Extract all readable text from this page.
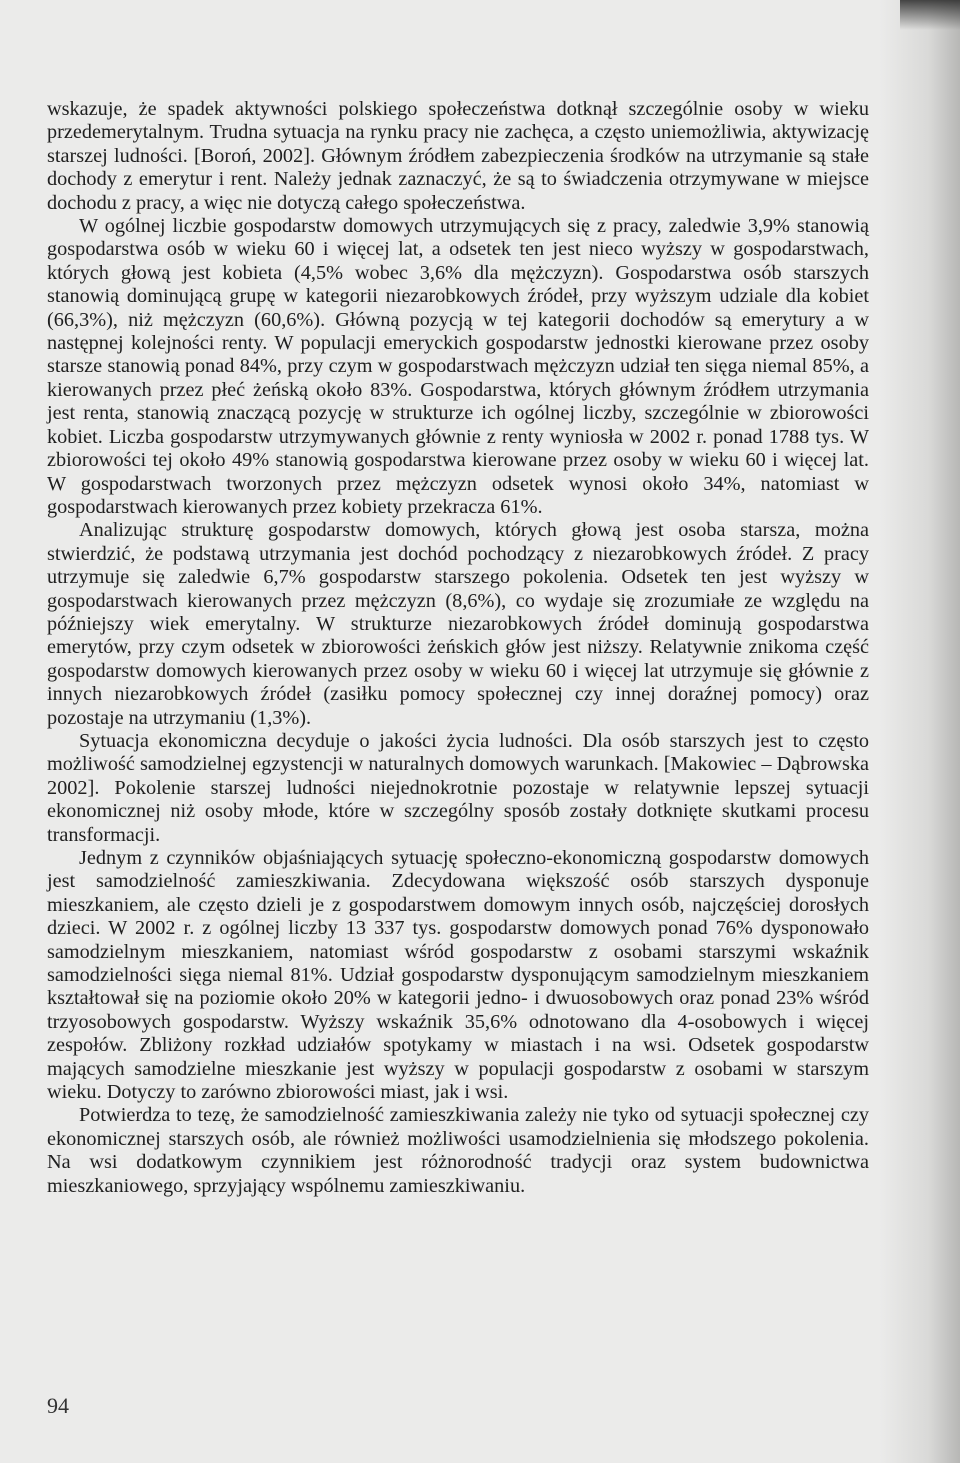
wskazuje, że spadek aktywności polskiego społeczeństwa dotknął szczególnie osoby w wieku przedemerytalnym. Trudna sytuacja na rynku pracy nie zachęca, a często uniemożliwia, aktywizację starszej ludności. [Boroń, 2002]. Głównym źródłem zabezpieczenia środków na utrzymanie są stałe dochody z emerytur i rent. Należy jednak zaznaczyć, że są to świadczenia otrzymywane w miejsce dochodu z pracy, a więc nie dotyczą całego społeczeństwa.

W ogólnej liczbie gospodarstw domowych utrzymujących się z pracy, zaledwie 3,9% stanowią gospodarstwa osób w wieku 60 i więcej lat, a odsetek ten jest nieco wyższy w gospodarstwach, których głową jest kobieta (4,5% wobec 3,6% dla mężczyzn). Gospodarstwa osób starszych stanowią dominującą grupę w kategorii niezarobkowych źródeł, przy wyższym udziale dla kobiet (66,3%), niż mężczyzn (60,6%). Główną pozycją w tej kategorii dochodów są emerytury a w następnej kolejności renty. W populacji emeryckich gospodarstw jednostki kierowane przez osoby starsze stanowią ponad 84%, przy czym w gospodarstwach mężczyzn udział ten sięga niemal 85%, a kierowanych przez płeć żeńską około 83%. Gospodarstwa, których głównym źródłem utrzymania jest renta, stanowią znaczącą pozycję w strukturze ich ogólnej liczby, szczególnie w zbiorowości kobiet. Liczba gospodarstw utrzymywanych głównie z renty wyniosła w 2002 r. ponad 1788 tys. W zbiorowości tej około 49% stanowią gospodarstwa kierowane przez osoby w wieku 60 i więcej lat. W gospodarstwach tworzonych przez mężczyzn odsetek wynosi około 34%, natomiast w gospodarstwach kierowanych przez kobiety przekracza 61%.

Analizując strukturę gospodarstw domowych, których głową jest osoba starsza, można stwierdzić, że podstawą utrzymania jest dochód pochodzący z niezarobkowych źródeł. Z pracy utrzymuje się zaledwie 6,7% gospodarstw starszego pokolenia. Odsetek ten jest wyższy w gospodarstwach kierowanych przez mężczyzn (8,6%), co wydaje się zrozumiałe ze względu na późniejszy wiek emerytalny. W strukturze niezarobkowych źródeł dominują gospodarstwa emerytów, przy czym odsetek w zbiorowości żeńskich głów jest niższy. Relatywnie znikoma część gospodarstw domowych kierowanych przez osoby w wieku 60 i więcej lat utrzymuje się głównie z innych niezarobkowych źródeł (zasiłku pomocy społecznej czy innej doraźnej pomocy) oraz pozostaje na utrzymaniu (1,3%).

Sytuacja ekonomiczna decyduje o jakości życia ludności. Dla osób starszych jest to często możliwość samodzielnej egzystencji w naturalnych domowych warunkach. [Makowiec – Dąbrowska 2002]. Pokolenie starszej ludności niejednokrotnie pozostaje w relatywnie lepszej sytuacji ekonomicznej niż osoby młode, które w szczególny sposób zostały dotknięte skutkami procesu transformacji.

Jednym z czynników objaśniających sytuację społeczno-ekonomiczną gospodarstw domowych jest samodzielność zamieszkiwania. Zdecydowana większość osób starszych dysponuje mieszkaniem, ale często dzieli je z gospodarstwem domowym innych osób, najczęściej dorosłych dzieci. W 2002 r. z ogólnej liczby 13 337 tys. gospodarstw domowych ponad 76% dysponowało samodzielnym mieszkaniem, natomiast wśród gospodarstw z osobami starszymi wskaźnik samodzielności sięga niemal 81%. Udział gospodarstw dysponującym samodzielnym mieszkaniem kształtował się na poziomie około 20% w kategorii jedno- i dwuosobowych oraz ponad 23% wśród trzyosobowych gospodarstw. Wyższy wskaźnik 35,6% odnotowano dla 4-osobowych i więcej zespołów. Zbliżony rozkład udziałów spotykamy w miastach i na wsi. Odsetek gospodarstw mających samodzielne mieszkanie jest wyższy w populacji gospodarstw z osobami w starszym wieku. Dotyczy to zarówno zbiorowości miast, jak i wsi.

Potwierdza to tezę, że samodzielność zamieszkiwania zależy nie tyko od sytuacji społecznej czy ekonomicznej starszych osób, ale również możliwości usamodzielnienia się młodszego pokolenia. Na wsi dodatkowym czynnikiem jest różnorodność tradycji oraz system budownictwa mieszkaniowego, sprzyjający wspólnemu zamieszkiwaniu.

94
